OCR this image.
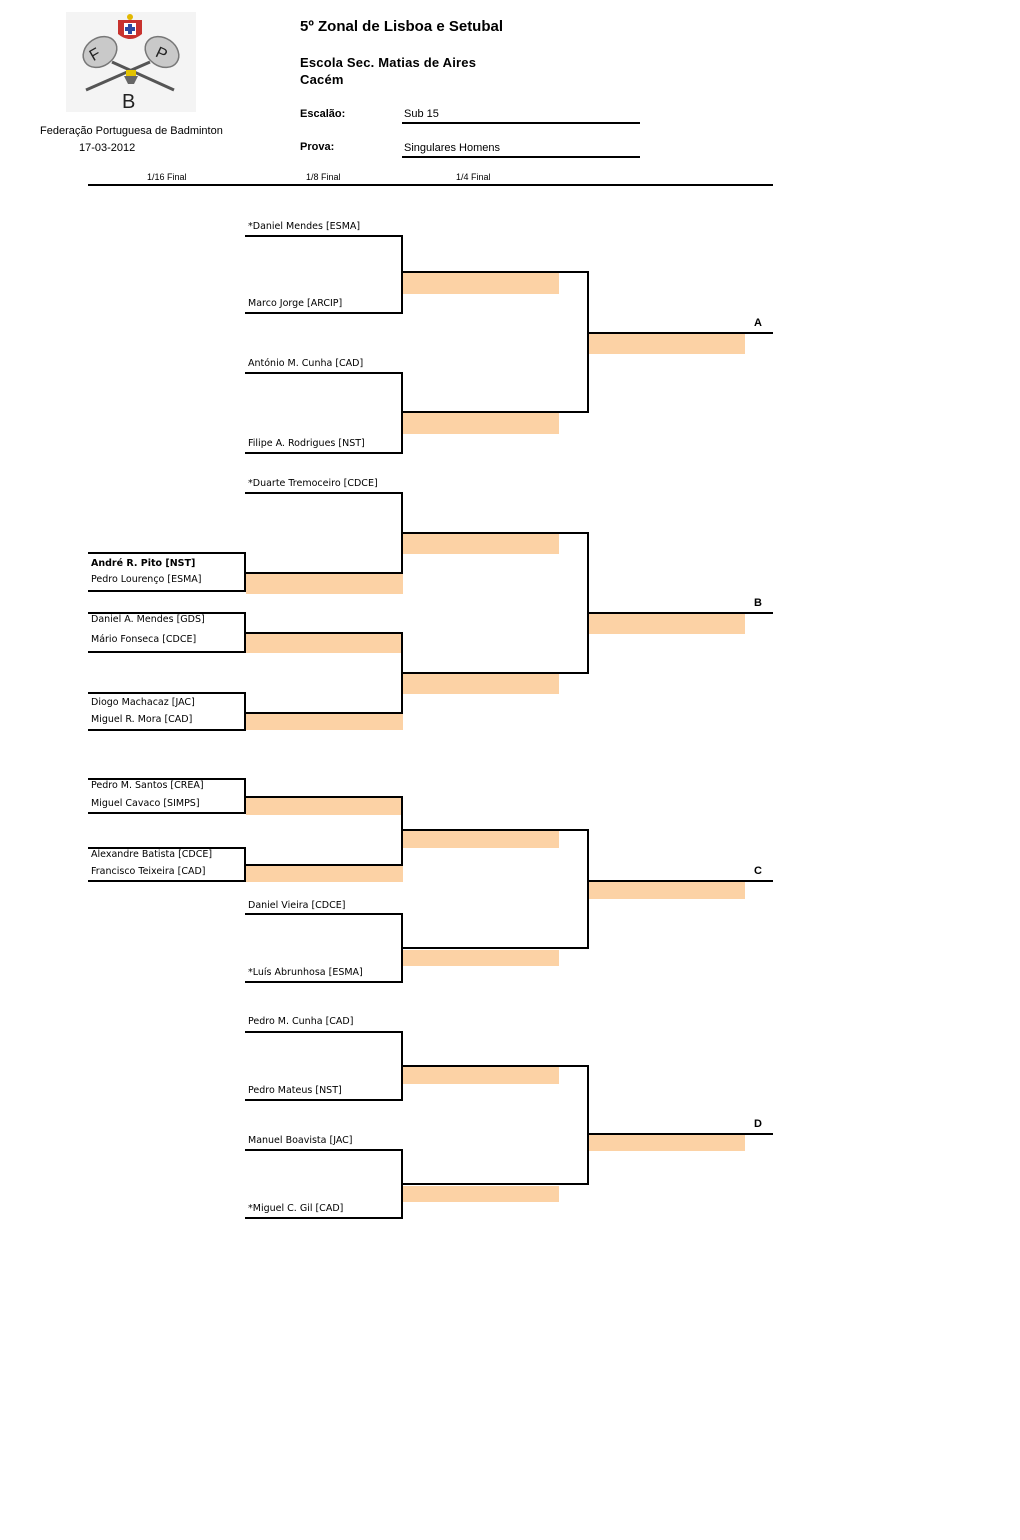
F	P
B
5º Zonal de Lisboa e Setubal
Escola Sec. Matias de Aires
Cacém
Escalão:	Sub 15
Prova:	Singulares Homens
Federação Portuguesa de Badminton
17-03-2012
1/16 Final	1/8 Final	1/4 Final
*Daniel Mendes [ESMA]
Marco Jorge [ARCIP]
António M. Cunha [CAD]
Filipe A. Rodrigues [NST]
A
*Duarte Tremoceiro [CDCE]
André R. Pito [NST]
Pedro Lourenço [ESMA]
Daniel A. Mendes [GDS]
Mário Fonseca [CDCE]
Diogo Machacaz [JAC]
Miguel R. Mora [CAD]
B
Pedro M. Santos [CREA]
Miguel Cavaco [SIMPS]
Alexandre Batista [CDCE]
Francisco Teixeira [CAD]
Daniel Vieira [CDCE]
*Luís Abrunhosa [ESMA]
C
Pedro M. Cunha [CAD]
Pedro Mateus [NST]
Manuel Boavista [JAC]
*Miguel C. Gil [CAD]
D
